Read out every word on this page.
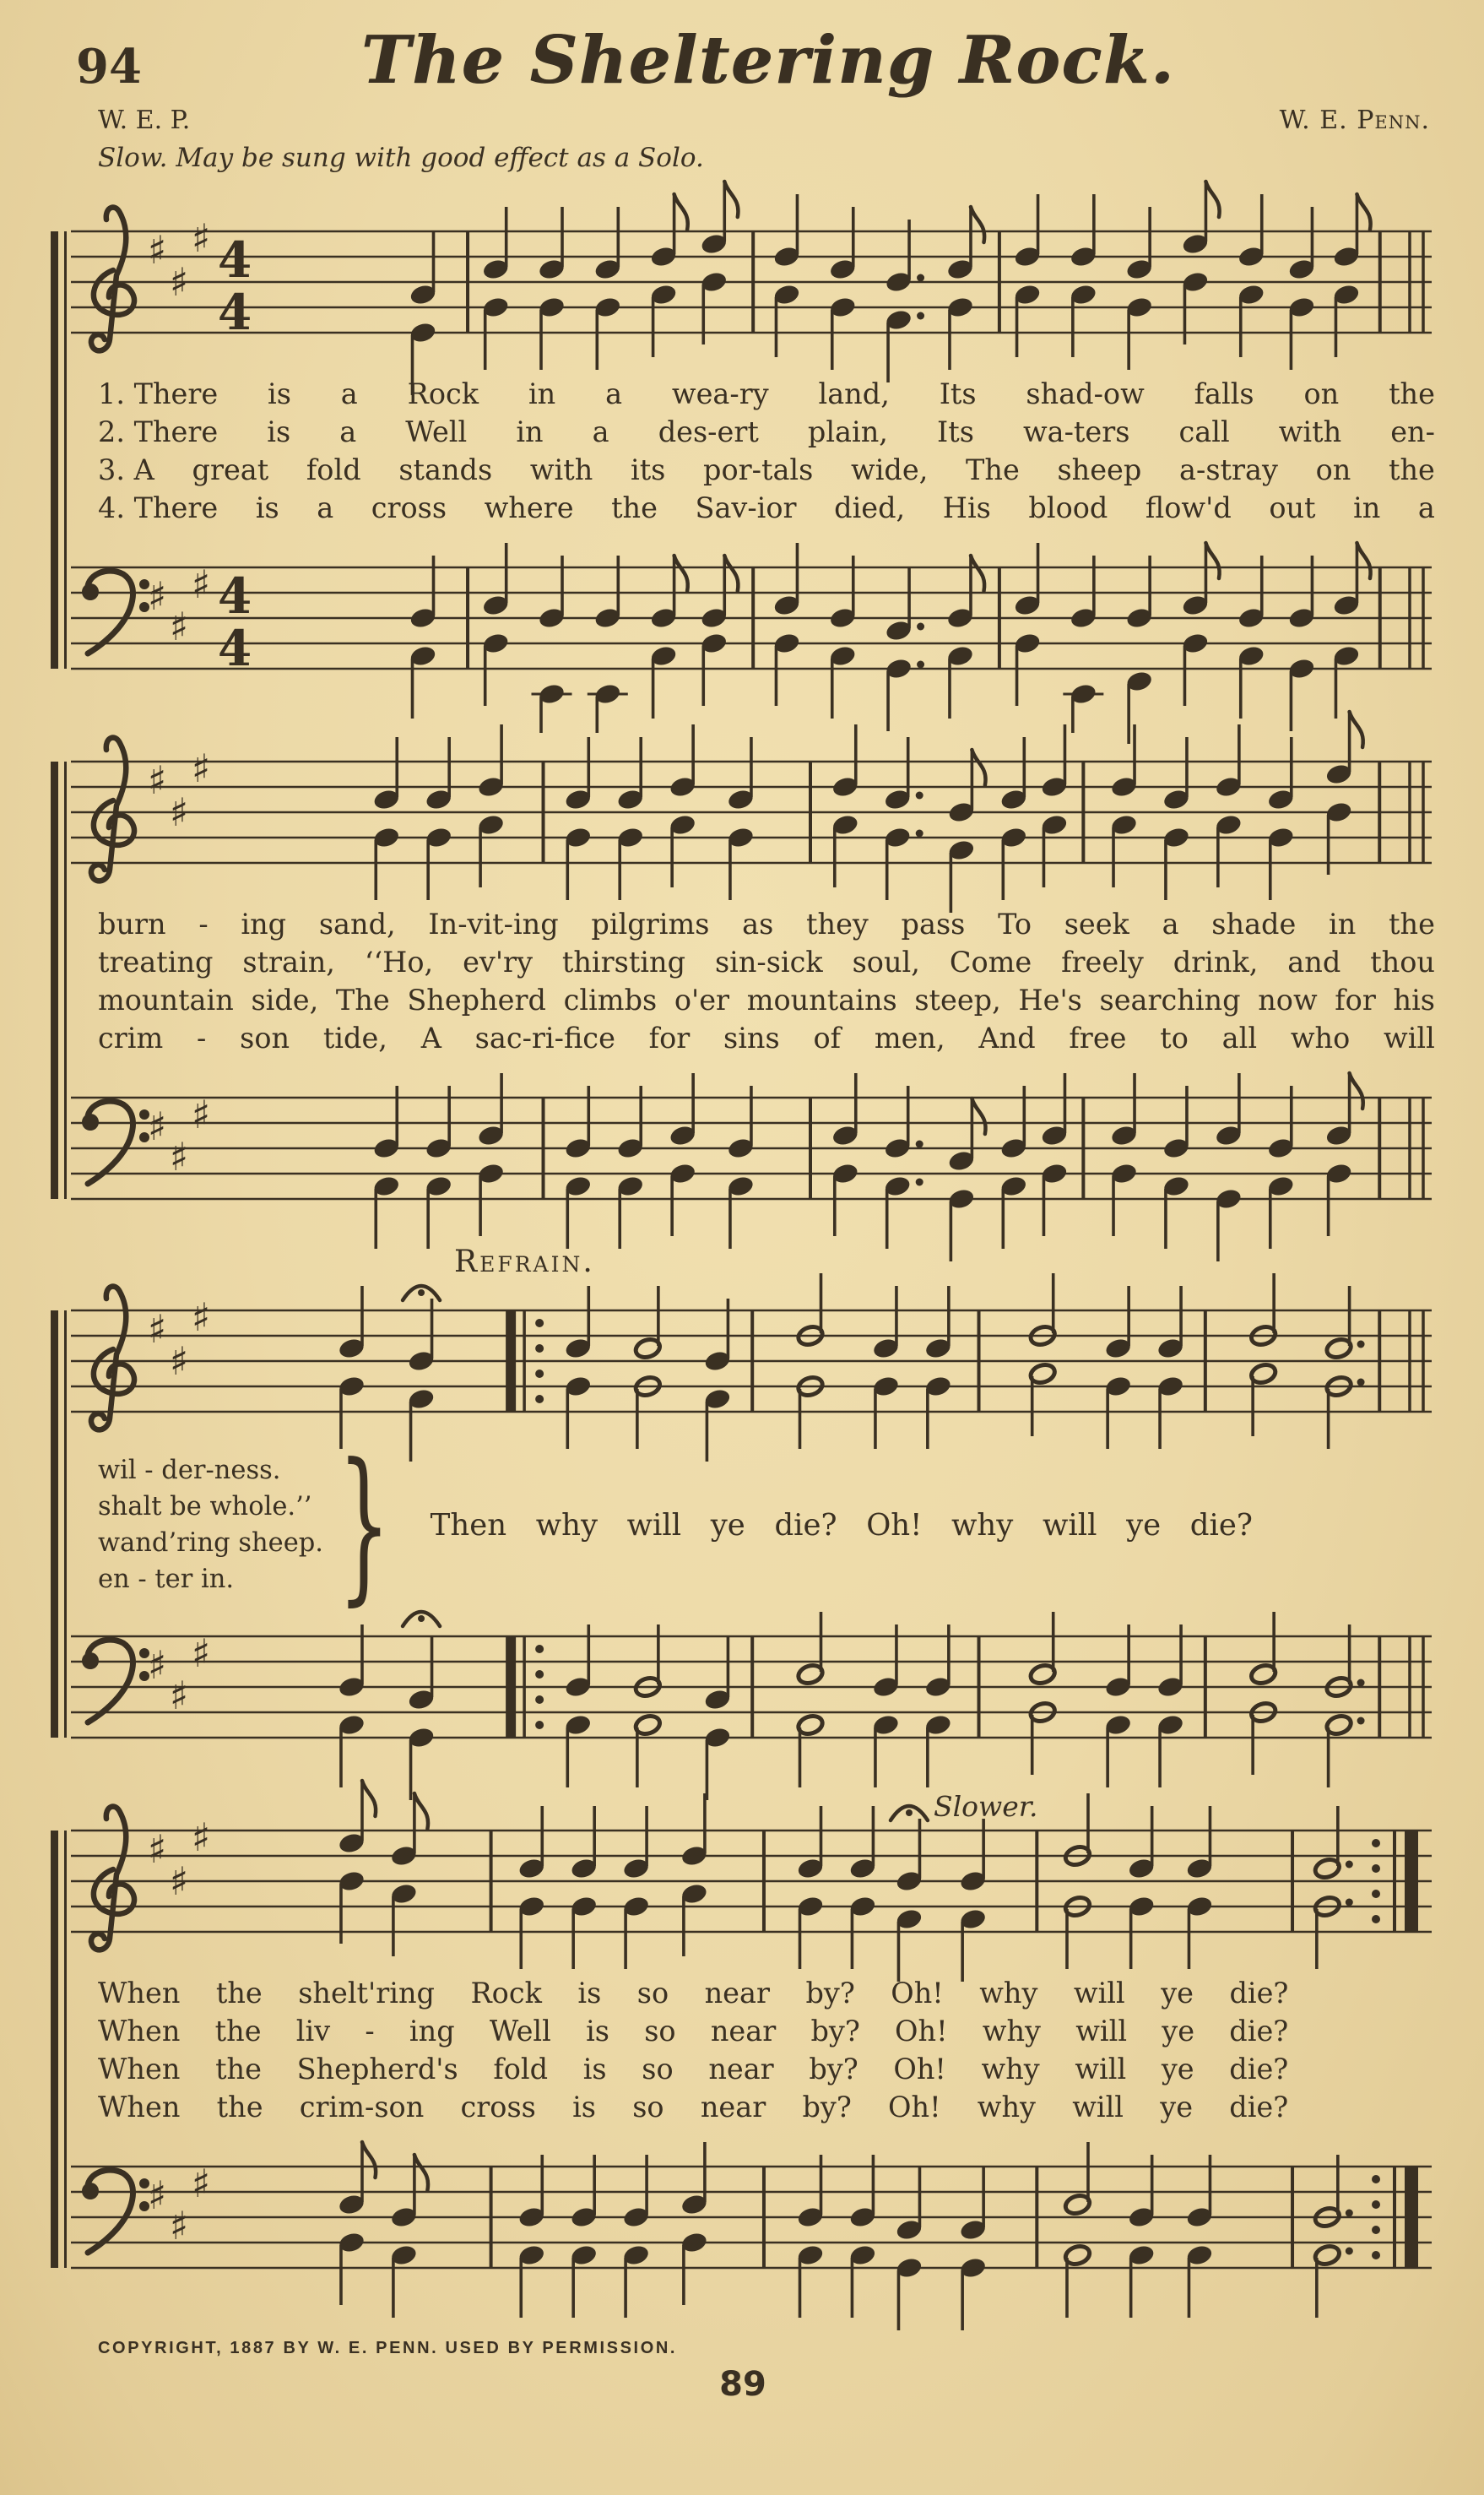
94	The Sheltering Rock.
W. E. P.	W. E. Penn.
Slow. May be sung with good effect as a Solo.
♯
♯
♯ 4
4
1. There is a Rock in a wea-ry land, Its shad-ow falls on the
2. There is a Well in a des-ert plain, Its wa-ters call with en-
3. A great fold stands with its por-tals wide, The sheep a-stray on the
4. There is a cross where the Sav-ior died, His blood flow'd out in a
♯
♯
♯ 4
4
♯
♯
♯
burn - ing sand, In-vit-ing pilgrims as they pass To seek a shade in the
treating strain, ‘‘Ho, ev'ry thirsting sin-sick soul, Come freely drink, and thou
mountain side, The Shepherd climbs o'er mountains steep, He's searching now for his
crim - son tide, A sac-ri-fice for sins of men, And free to all who will
♯
♯
♯
Refrain.
♯
♯
♯
wil - der-ness.
shalt be whole.’’
wand’ring sheep.
en - ter in. } Then why will ye die? Oh! why will ye die?
♯
♯
♯
Slower.
♯
♯
♯
When the shelt'ring Rock is so near by? Oh! why will ye die?
When the liv - ing Well is so near by? Oh! why will ye die?
When the Shepherd's fold is so near by? Oh! why will ye die?
When the crim-son cross is so near by? Oh! why will ye die?
♯
♯
♯
COPYRIGHT, 1887 BY W. E. PENN. USED BY PERMISSION.
89
